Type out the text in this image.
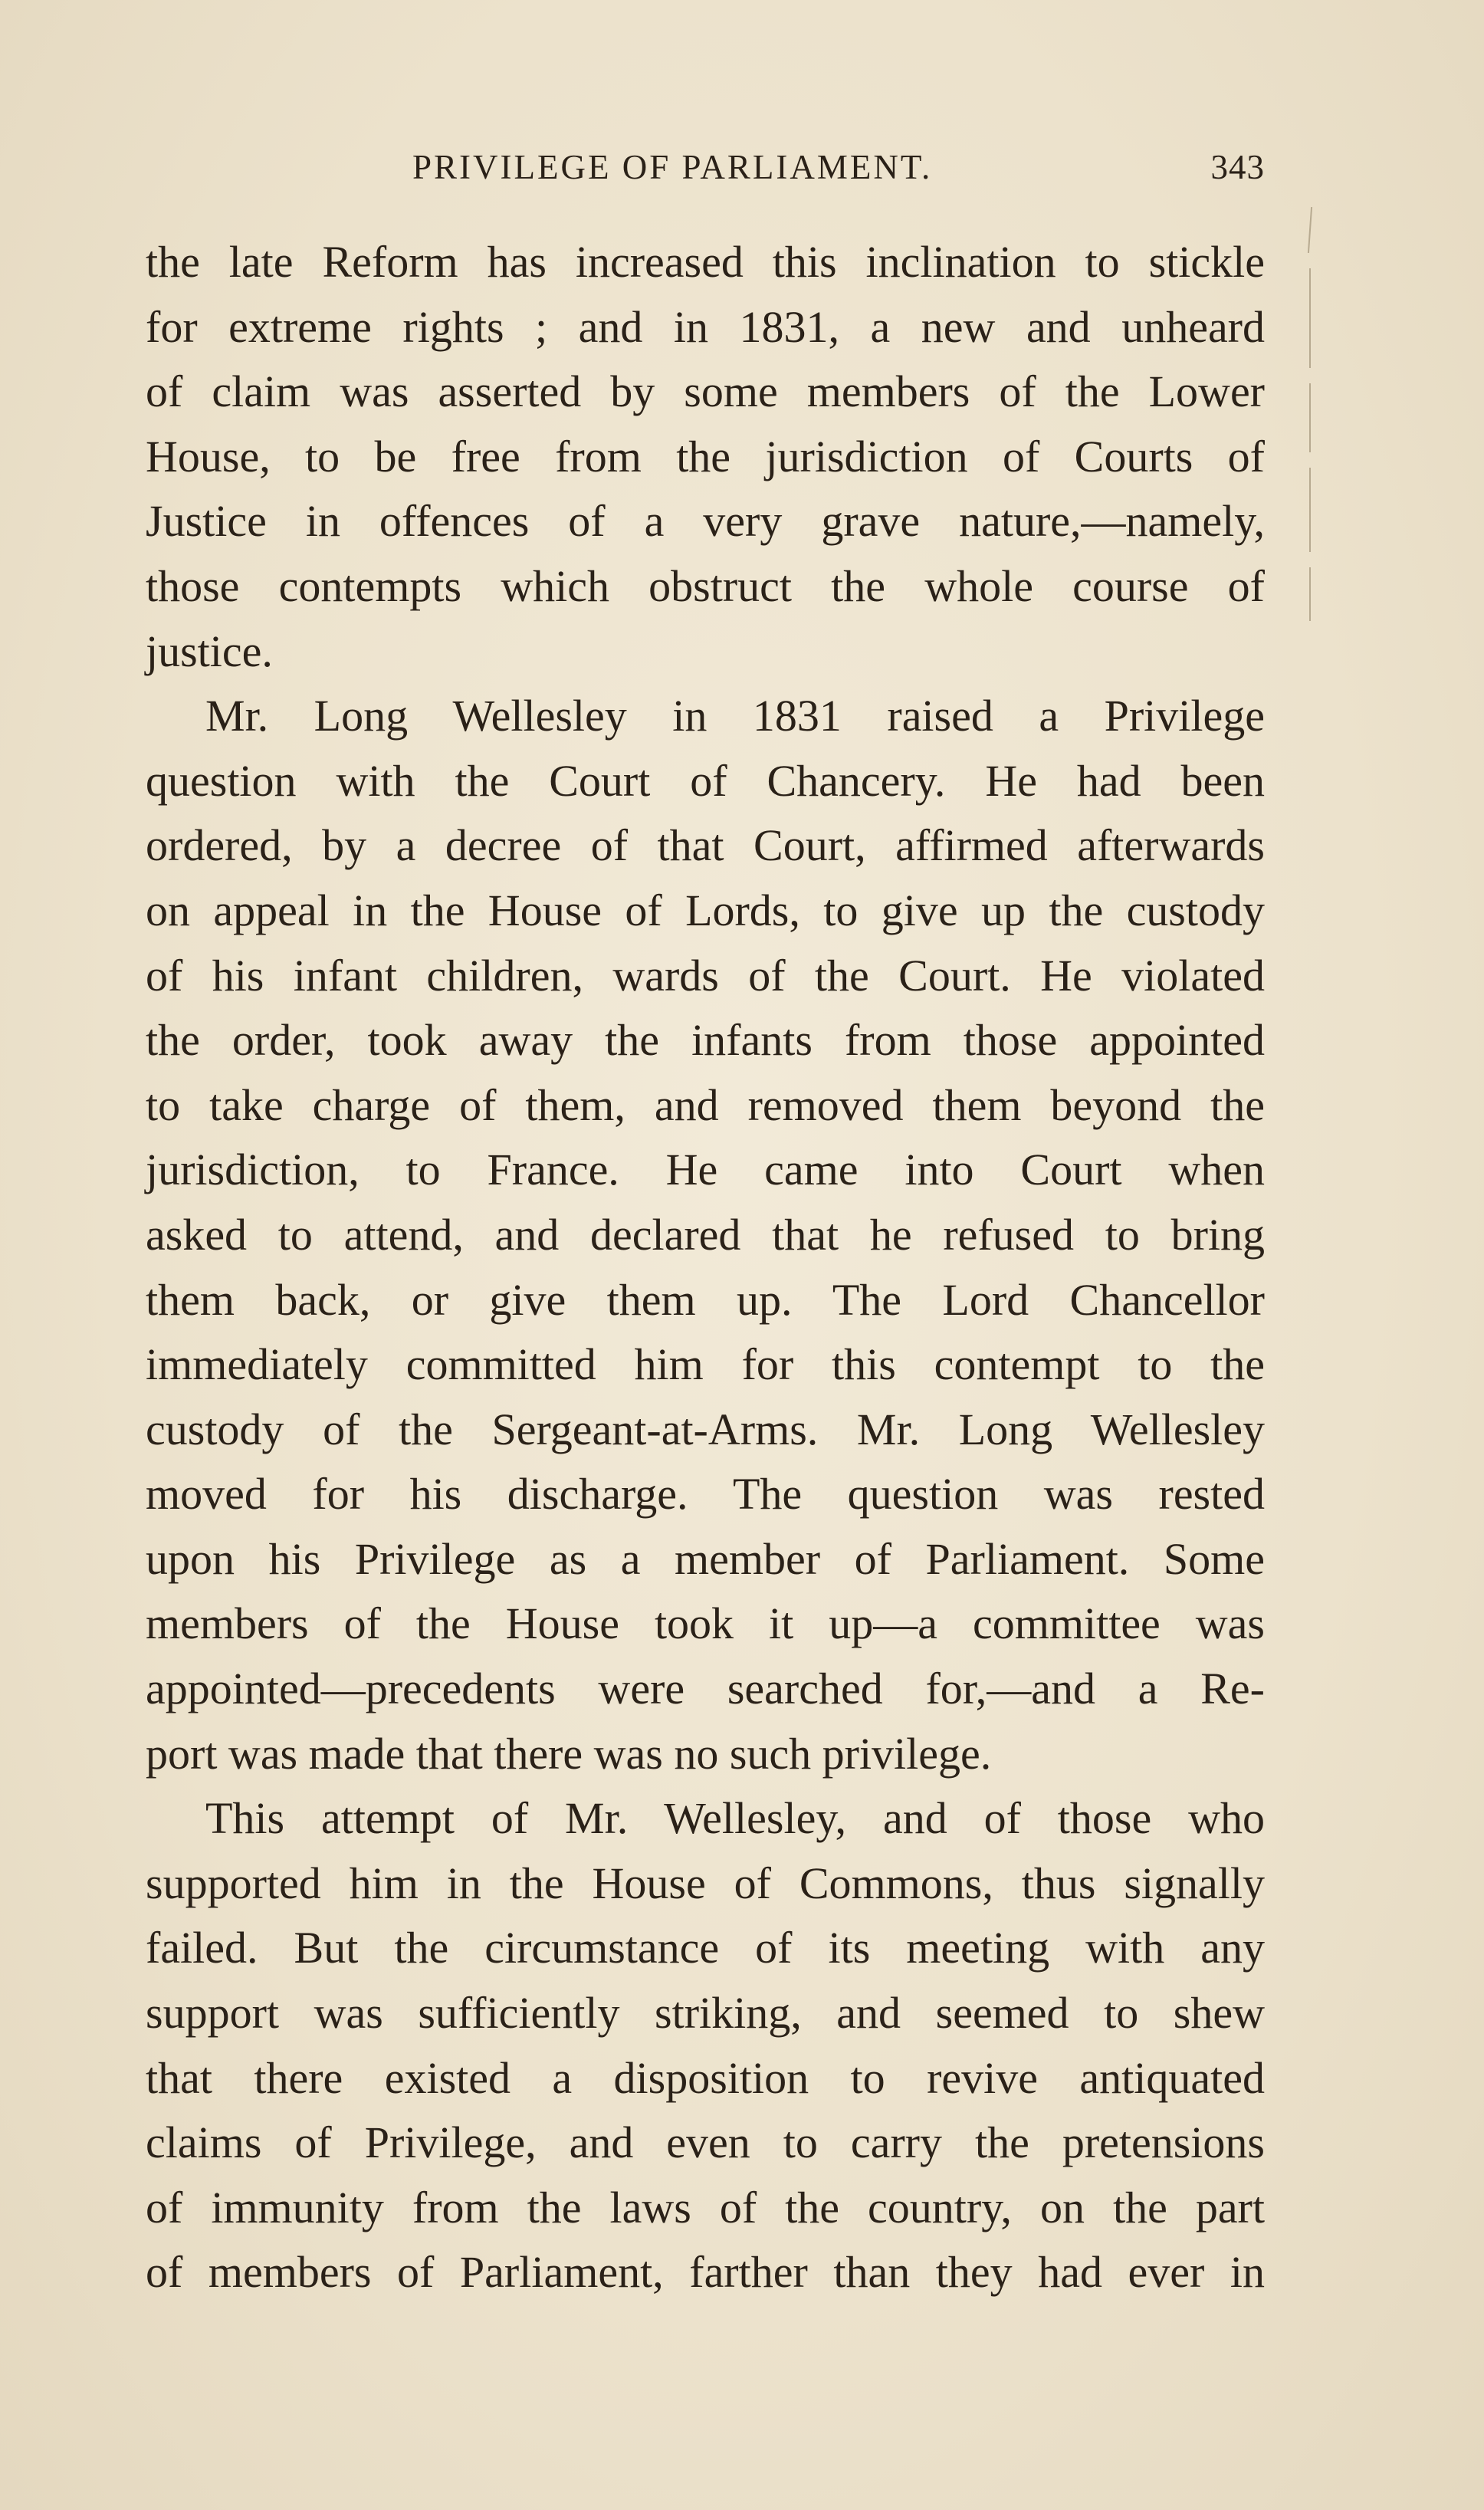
PRIVILEGE OF PARLIAMENT.	343
the late Reform has increased this inclination to stickle
for extreme rights ; and in 1831, a new and unheard
of claim was asserted by some members of the Lower
House, to be free from the jurisdiction of Courts of
Justice in offences of a very grave nature,—namely,
those contempts which obstruct the whole course of
justice.
Mr. Long Wellesley in 1831 raised a Privilege
question with the Court of Chancery. He had been
ordered, by a decree of that Court, affirmed afterwards
on appeal in the House of Lords, to give up the custody
of his infant children, wards of the Court. He violated
the order, took away the infants from those appointed
to take charge of them, and removed them beyond the
jurisdiction, to France. He came into Court when
asked to attend, and declared that he refused to bring
them back, or give them up. The Lord Chancellor
immediately committed him for this contempt to the
custody of the Sergeant-at-Arms. Mr. Long Wellesley
moved for his discharge. The question was rested
upon his Privilege as a member of Parliament. Some
members of the House took it up—a committee was
appointed—precedents were searched for,—and a Re-
port was made that there was no such privilege.
This attempt of Mr. Wellesley, and of those who
supported him in the House of Commons, thus signally
failed. But the circumstance of its meeting with any
support was sufficiently striking, and seemed to shew
that there existed a disposition to revive antiquated
claims of Privilege, and even to carry the pretensions
of immunity from the laws of the country, on the part
of members of Parliament, farther than they had ever in
